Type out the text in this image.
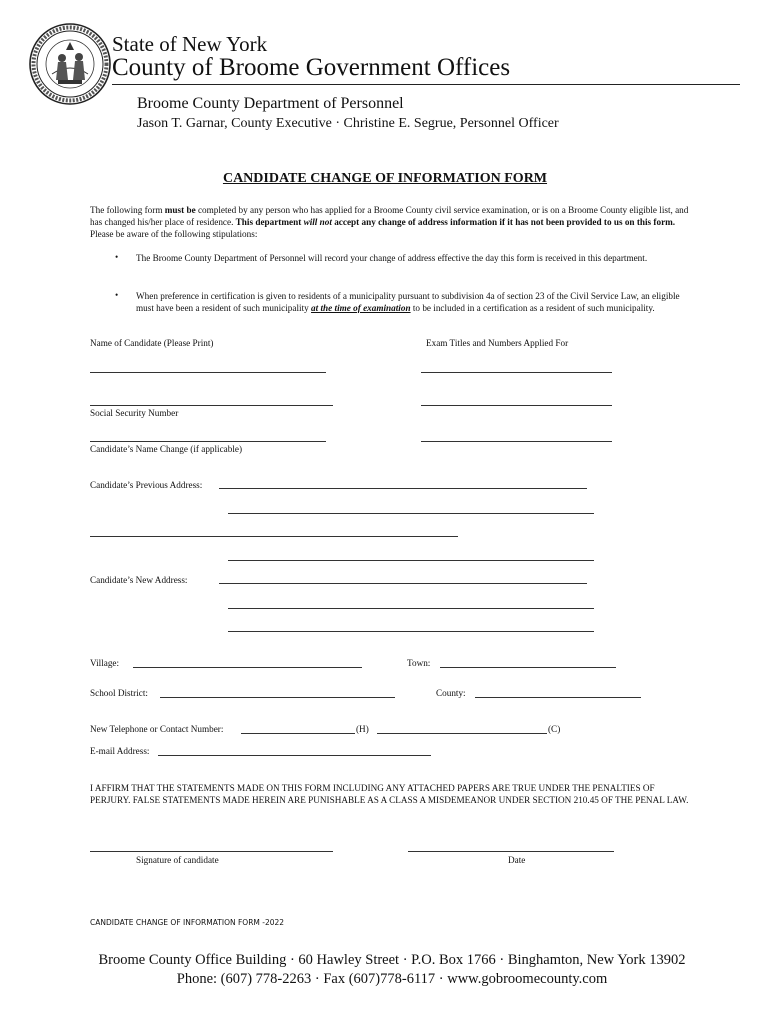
State of New York
County of Broome Government Offices
Broome County Department of Personnel
Jason T. Garnar, County Executive · Christine E. Segrue, Personnel Officer
CANDIDATE CHANGE OF INFORMATION FORM
The following form must be completed by any person who has applied for a Broome County civil service examination, or is on a Broome County eligible list, and has changed his/her place of residence. This department will not accept any change of address information if it has not been provided to us on this form. Please be aware of the following stipulations:
• The Broome County Department of Personnel will record your change of address effective the day this form is received in this department.
• When preference in certification is given to residents of a municipality pursuant to subdivision 4a of section 23 of the Civil Service Law, an eligible must have been a resident of such municipality at the time of examination to be included in a certification as a resident of such municipality.
Name of Candidate (Please Print)	Exam Titles and Numbers Applied For
Social Security Number
Candidate’s Name Change (if applicable)
Candidate’s Previous Address:
Candidate’s New Address:
Village:	Town:
School District:	County:
New Telephone or Contact Number:	(H)	(C)
E-mail Address:
I AFFIRM THAT THE STATEMENTS MADE ON THIS FORM INCLUDING ANY ATTACHED PAPERS ARE TRUE UNDER THE PENALTIES OF PERJURY. FALSE STATEMENTS MADE HEREIN ARE PUNISHABLE AS A CLASS A MISDEMEANOR UNDER SECTION 210.45 OF THE PENAL LAW.
Signature of candidate	Date
CANDIDATE CHANGE OF INFORMATION FORM -2022
Broome County Office Building · 60 Hawley Street · P.O. Box 1766 · Binghamton, New York 13902
Phone: (607) 778-2263 · Fax (607)778-6117 · www.gobroomecounty.com
